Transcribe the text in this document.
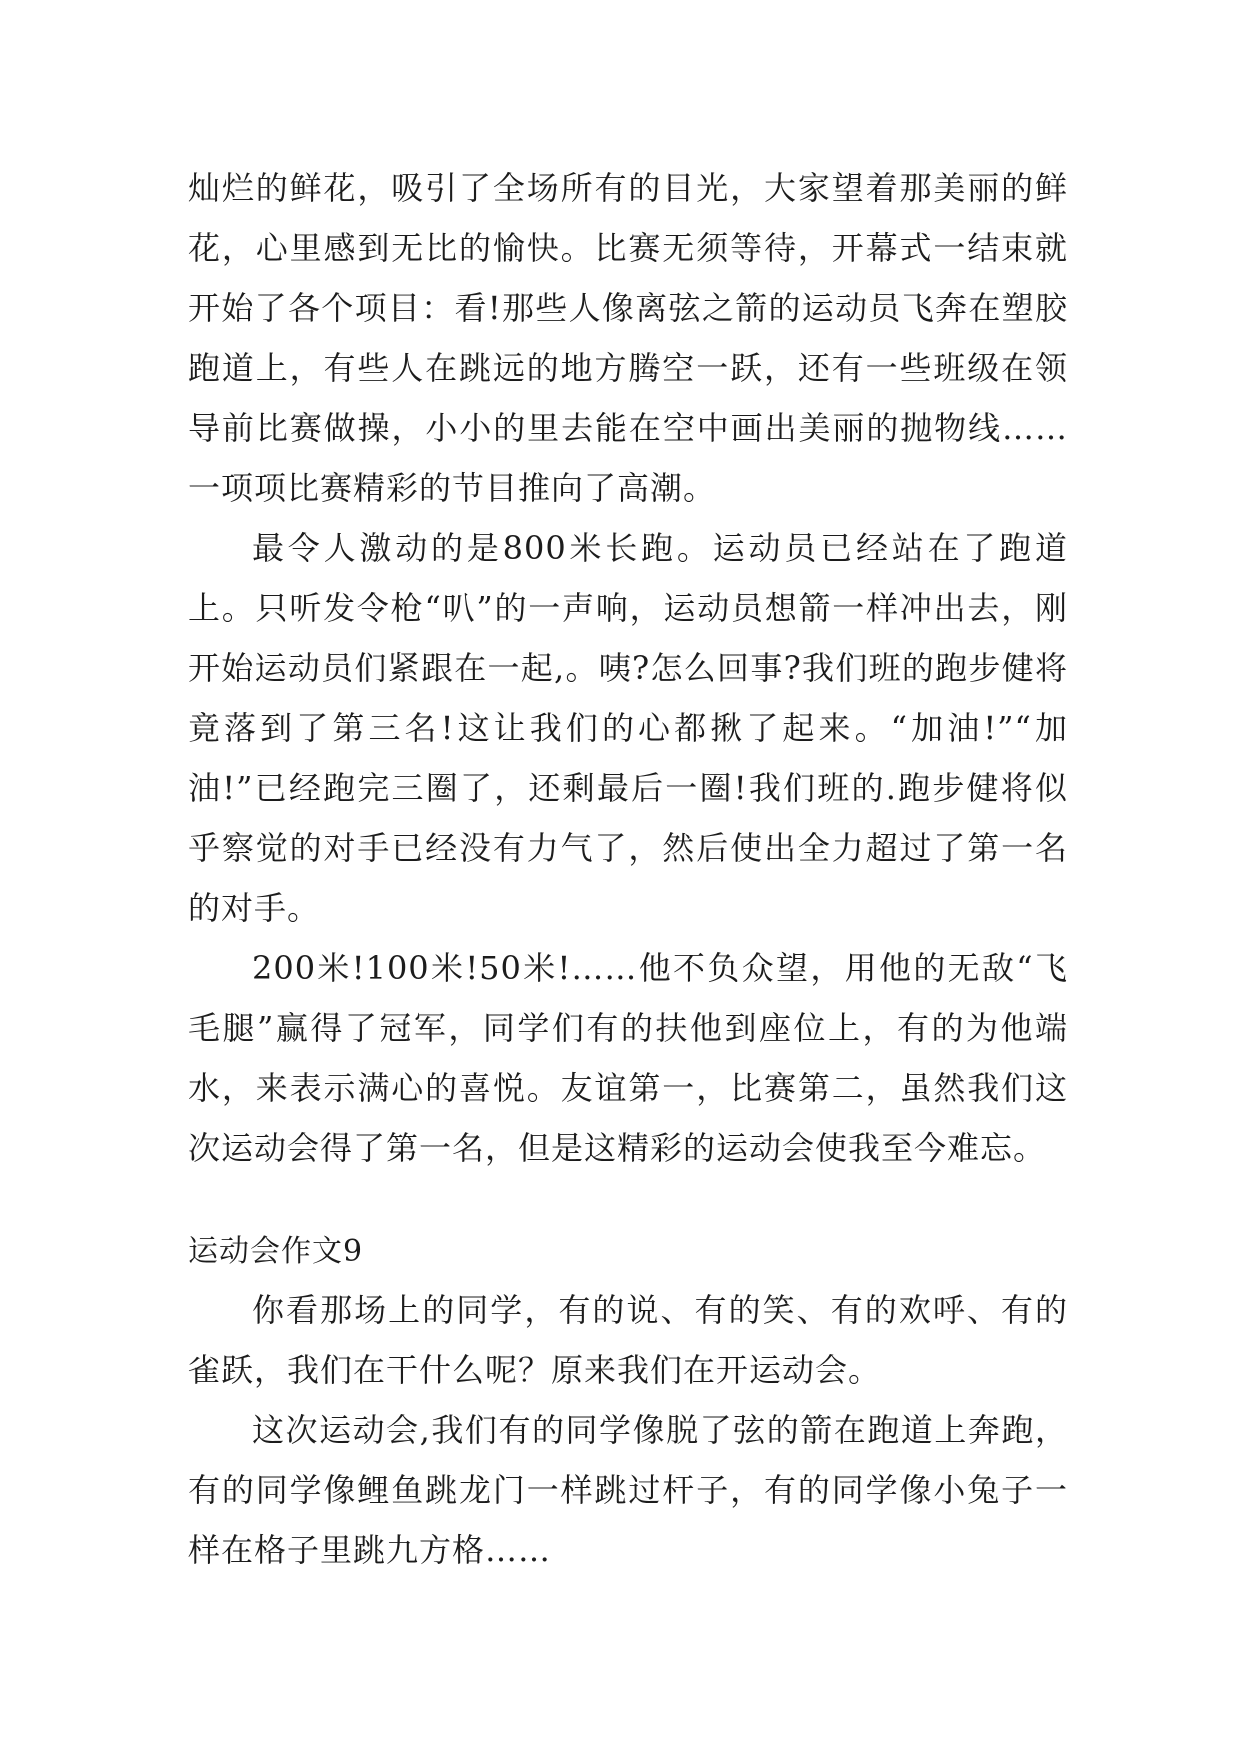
灿烂的鲜花，吸引了全场所有的目光，大家望着那美丽的鲜花，心里感到无比的愉快。比赛无须等待，开幕式一结束就开始了各个项目：看!那些人像离弦之箭的运动员飞奔在塑胶跑道上，有些人在跳远的地方腾空一跃，还有一些班级在领导前比赛做操，小小的里去能在空中画出美丽的抛物线……一项项比赛精彩的节目推向了高潮。

最令人激动的是800米长跑。运动员已经站在了跑道上。只听发令枪“叭”的一声响，运动员想箭一样冲出去，刚开始运动员们紧跟在一起,。咦?怎么回事?我们班的跑步健将竟落到了第三名!这让我们的心都揪了起来。“加油!”“加油!”已经跑完三圈了，还剩最后一圈!我们班的.跑步健将似乎察觉的对手已经没有力气了，然后使出全力超过了第一名的对手。

200米!100米!50米!……他不负众望，用他的无敌“飞毛腿”赢得了冠军，同学们有的扶他到座位上，有的为他端水，来表示满心的喜悦。友谊第一，比赛第二，虽然我们这次运动会得了第一名，但是这精彩的运动会使我至今难忘。

运动会作文9

你看那场上的同学，有的说、有的笑、有的欢呼、有的雀跃，我们在干什么呢？原来我们在开运动会。

这次运动会,我们有的同学像脱了弦的箭在跑道上奔跑，有的同学像鲤鱼跳龙门一样跳过杆子，有的同学像小兔子一样在格子里跳九方格……
